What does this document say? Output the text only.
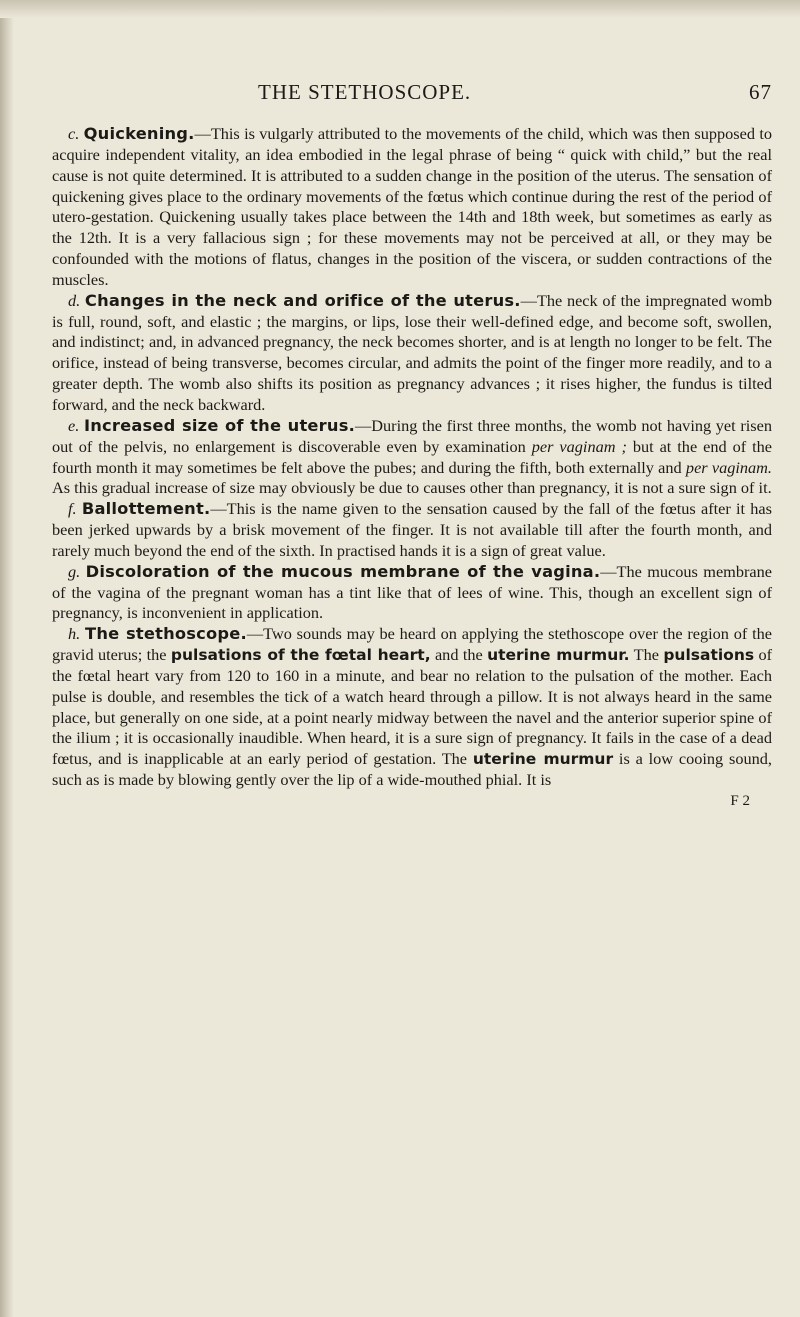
THE STETHOSCOPE.	67

c. Quickening.—This is vulgarly attributed to the movements of the child, which was then supposed to acquire independent vitality, an idea embodied in the legal phrase of being “ quick with child,” but the real cause is not quite determined. It is attributed to a sudden change in the position of the uterus. The sensation of quickening gives place to the ordinary movements of the fœtus which continue during the rest of the period of utero-gestation. Quickening usually takes place between the 14th and 18th week, but sometimes as early as the 12th. It is a very fallacious sign ; for these movements may not be perceived at all, or they may be confounded with the motions of flatus, changes in the position of the viscera, or sudden contractions of the muscles.

d. Changes in the neck and orifice of the uterus.—The neck of the impregnated womb is full, round, soft, and elastic ; the margins, or lips, lose their well-defined edge, and become soft, swollen, and indistinct; and, in advanced pregnancy, the neck becomes shorter, and is at length no longer to be felt. The orifice, instead of being transverse, becomes circular, and admits the point of the finger more readily, and to a greater depth. The womb also shifts its position as pregnancy advances ; it rises higher, the fundus is tilted forward, and the neck backward.

e. Increased size of the uterus.—During the first three months, the womb not having yet risen out of the pelvis, no enlargement is discoverable even by examination per vaginam ; but at the end of the fourth month it may sometimes be felt above the pubes; and during the fifth, both externally and per vaginam. As this gradual increase of size may obviously be due to causes other than pregnancy, it is not a sure sign of it.

f. Ballottement.—This is the name given to the sensation caused by the fall of the fœtus after it has been jerked upwards by a brisk movement of the finger. It is not available till after the fourth month, and rarely much beyond the end of the sixth. In practised hands it is a sign of great value.

g. Discoloration of the mucous membrane of the vagina.—The mucous membrane of the vagina of the pregnant woman has a tint like that of lees of wine. This, though an excellent sign of pregnancy, is inconvenient in application.

h. The stethoscope.—Two sounds may be heard on applying the stethoscope over the region of the gravid uterus; the pulsations of the fœtal heart, and the uterine murmur. The pulsations of the fœtal heart vary from 120 to 160 in a minute, and bear no relation to the pulsation of the mother. Each pulse is double, and resembles the tick of a watch heard through a pillow. It is not always heard in the same place, but generally on one side, at a point nearly midway between the navel and the anterior superior spine of the ilium ; it is occasionally inaudible. When heard, it is a sure sign of pregnancy. It fails in the case of a dead fœtus, and is inapplicable at an early period of gestation. The uterine murmur is a low cooing sound, such as is made by blowing gently over the lip of a wide-mouthed phial. It is

F 2
